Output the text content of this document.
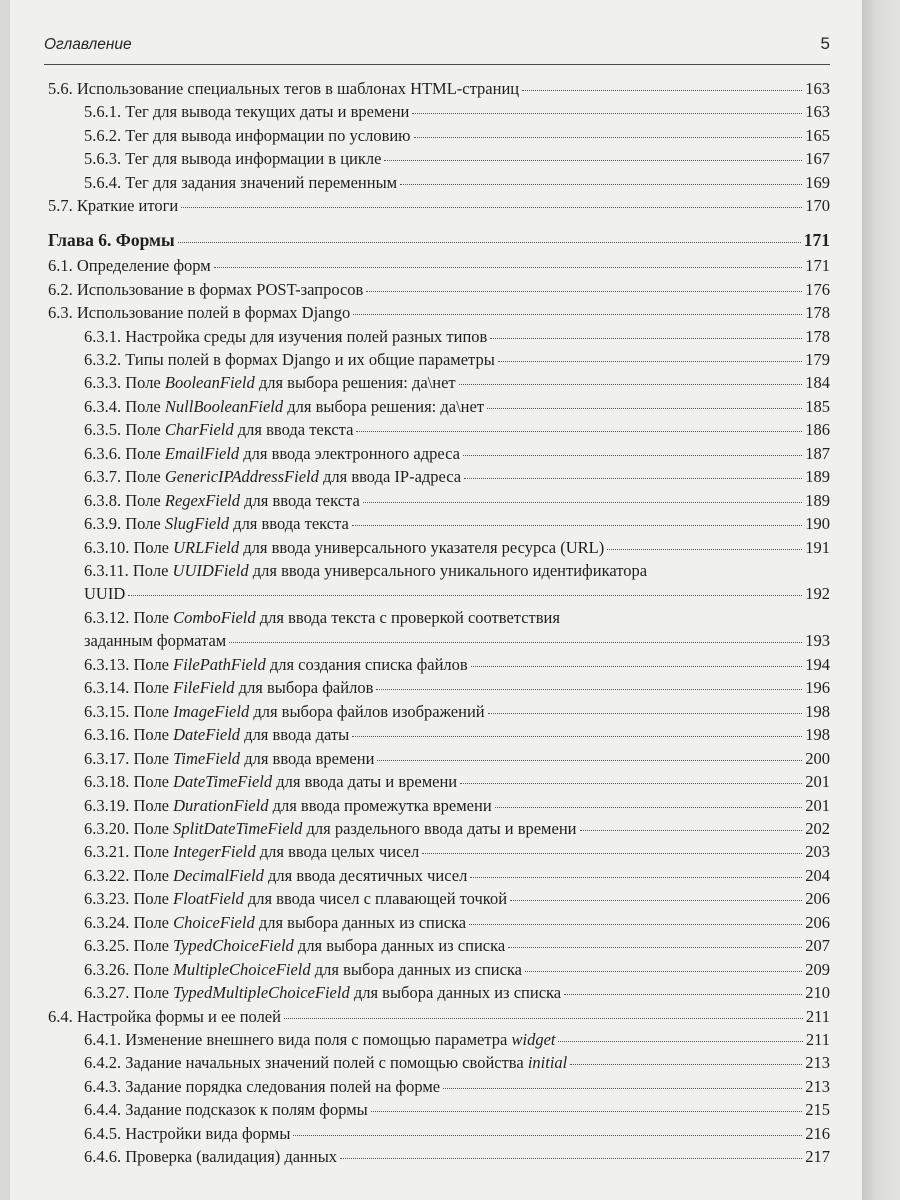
Оглавление	5
5.6. Использование специальных тегов в шаблонах HTML-страниц	163
5.6.1. Тег для вывода текущих даты и времени	163
5.6.2. Тег для вывода информации по условию	165
5.6.3. Тег для вывода информации в цикле	167
5.6.4. Тег для задания значений переменным	169
5.7. Краткие итоги	170
Глава 6. Формы	171
6.1. Определение форм	171
6.2. Использование в формах POST-запросов	176
6.3. Использование полей в формах Django	178
6.3.1. Настройка среды для изучения полей разных типов	178
6.3.2. Типы полей в формах Django и их общие параметры	179
6.3.3. Поле BooleanField для выбора решения: да\нет	184
6.3.4. Поле NullBooleanField для выбора решения: да\нет	185
6.3.5. Поле CharField для ввода текста	186
6.3.6. Поле EmailField для ввода электронного адреса	187
6.3.7. Поле GenericIPAddressField для ввода IP-адреса	189
6.3.8. Поле RegexField для ввода текста	189
6.3.9. Поле SlugField для ввода текста	190
6.3.10. Поле URLField для ввода универсального указателя ресурса (URL)	191
6.3.11. Поле UUIDField для ввода универсального уникального идентификатора
UUID	192
6.3.12. Поле ComboField для ввода текста с проверкой соответствия
заданным форматам	193
6.3.13. Поле FilePathField для создания списка файлов	194
6.3.14. Поле FileField для выбора файлов	196
6.3.15. Поле ImageField для выбора файлов изображений	198
6.3.16. Поле DateField для ввода даты	198
6.3.17. Поле TimeField для ввода времени	200
6.3.18. Поле DateTimeField для ввода даты и времени	201
6.3.19. Поле DurationField для ввода промежутка времени	201
6.3.20. Поле SplitDateTimeField для раздельного ввода даты и времени	202
6.3.21. Поле IntegerField для ввода целых чисел	203
6.3.22. Поле DecimalField для ввода десятичных чисел	204
6.3.23. Поле FloatField для ввода чисел с плавающей точкой	206
6.3.24. Поле ChoiceField для выбора данных из списка	206
6.3.25. Поле TypedChoiceField для выбора данных из списка	207
6.3.26. Поле MultipleChoiceField для выбора данных из списка	209
6.3.27. Поле TypedMultipleChoiceField для выбора данных из списка	210
6.4. Настройка формы и ее полей	211
6.4.1. Изменение внешнего вида поля с помощью параметра widget	211
6.4.2. Задание начальных значений полей с помощью свойства initial	213
6.4.3. Задание порядка следования полей на форме	213
6.4.4. Задание подсказок к полям формы	215
6.4.5. Настройки вида формы	216
6.4.6. Проверка (валидация) данных	217
